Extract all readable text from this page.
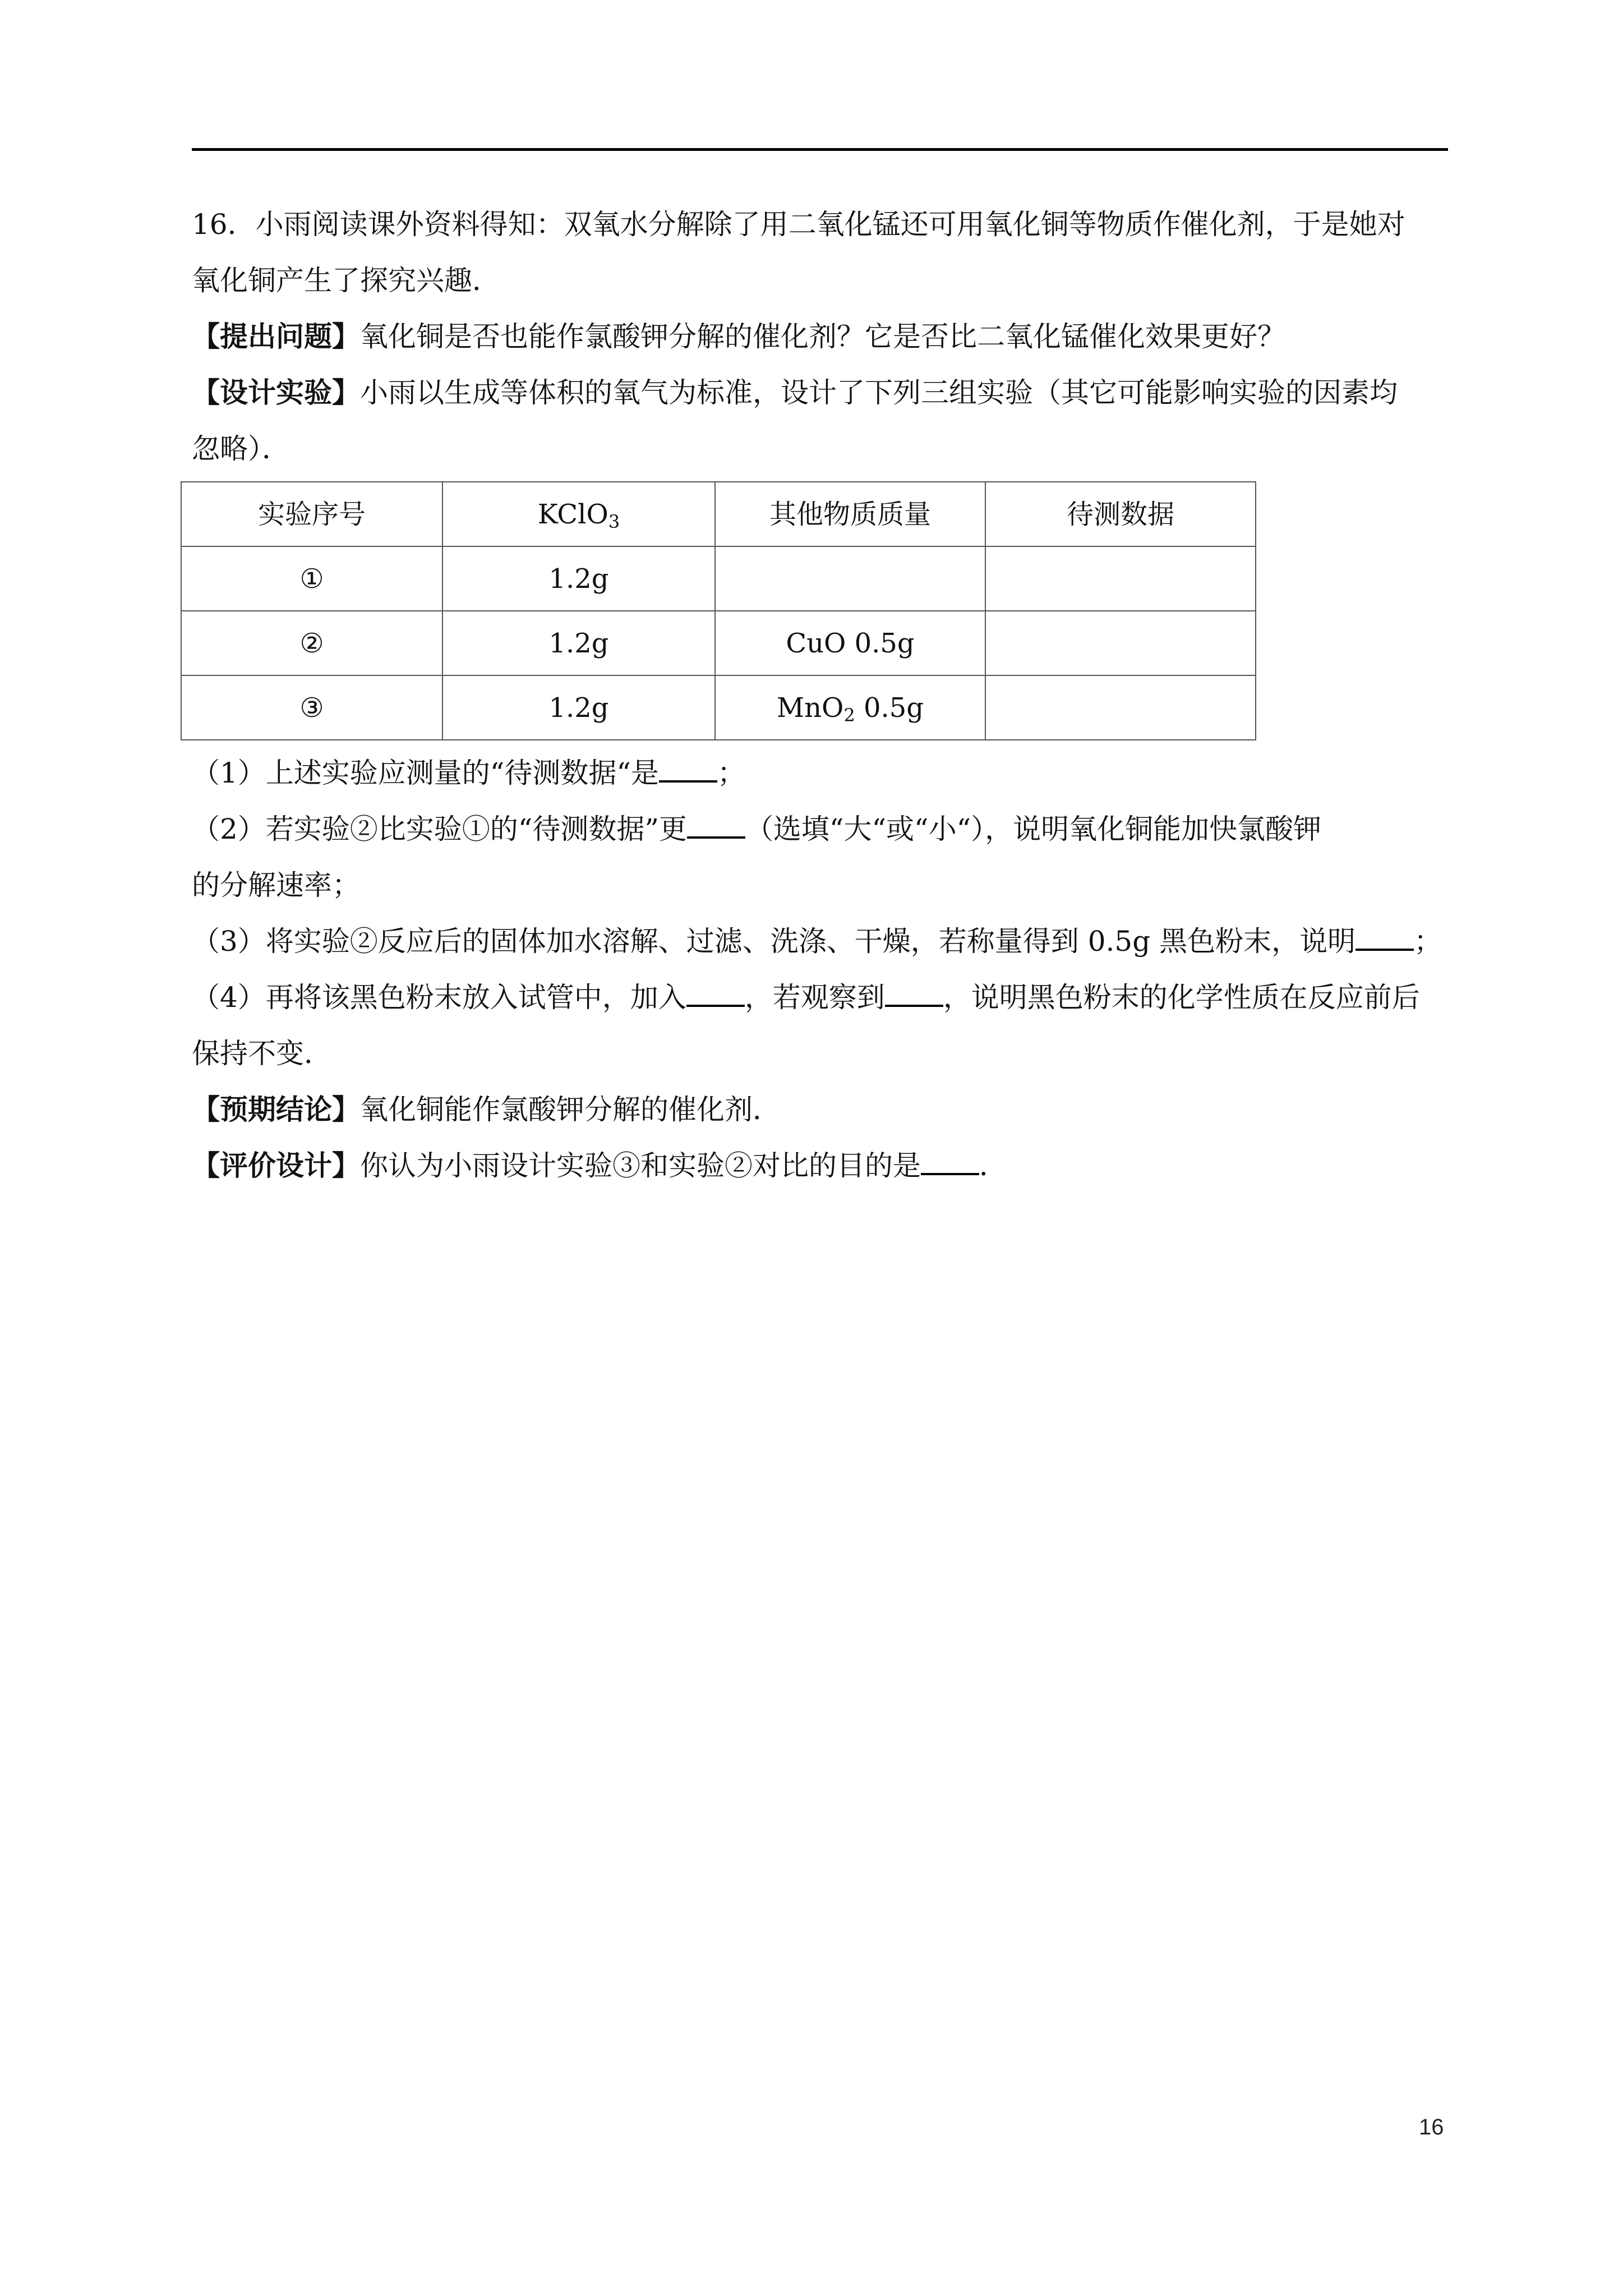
16．小雨阅读课外资料得知：双氧水分解除了用二氧化锰还可用氧化铜等物质作催化剂，于是她对
氧化铜产生了探究兴趣．
【提出问题】氧化铜是否也能作氯酸钾分解的催化剂？它是否比二氧化锰催化效果更好？
【设计实验】小雨以生成等体积的氧气为标准，设计了下列三组实验（其它可能影响实验的因素均
忽略）．
实验序号	KClO$_3$	其他物质质量	待测数据
①	1.2g		
②	1.2g	CuO 0.5g	
③	1.2g	MnO$_2$ 0.5g	
（1）上述实验应测量的“待测数据“是 ；
（2）若实验②比实验①的“待测数据”更 （选填“大“或“小“），说明氧化铜能加快氯酸钾
的分解速率；
（3）将实验②反应后的固体加水溶解、过滤、洗涤、干燥，若称量得到 0.5g 黑色粉末，说明 ；
（4）再将该黑色粉末放入试管中，加入 ，若观察到 ，说明黑色粉末的化学性质在反应前后
保持不变．
【预期结论】氧化铜能作氯酸钾分解的催化剂．
【评价设计】你认为小雨设计实验③和实验②对比的目的是 ．
16
